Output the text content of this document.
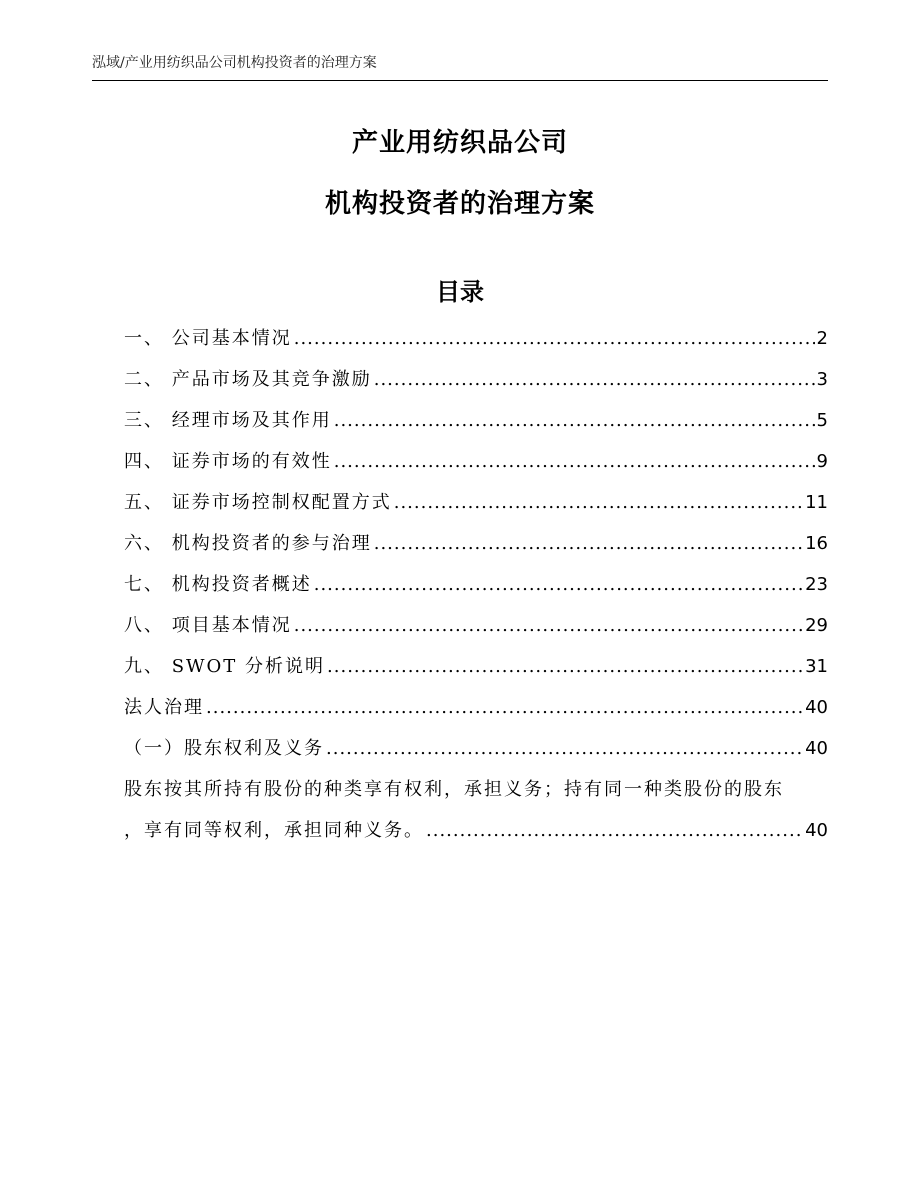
泓域/产业用纺织品公司机构投资者的治理方案
产业用纺织品公司
机构投资者的治理方案
目录
一、 公司基本情况 .....	2
二、 产品市场及其竞争激励 .....	3
三、 经理市场及其作用 .....	5
四、 证券市场的有效性 .....	9
五、 证券市场控制权配置方式 .....	11
六、 机构投资者的参与治理 .....	16
七、 机构投资者概述 .....	23
八、 项目基本情况 .....	29
九、 SWOT 分析说明 .....	31
法人治理 .....	40
（一）股东权利及义务 .....	40
股东按其所持有股份的种类享有权利，承担义务；持有同一种类股份的股东
，享有同等权利，承担同种义务。 .....	40
